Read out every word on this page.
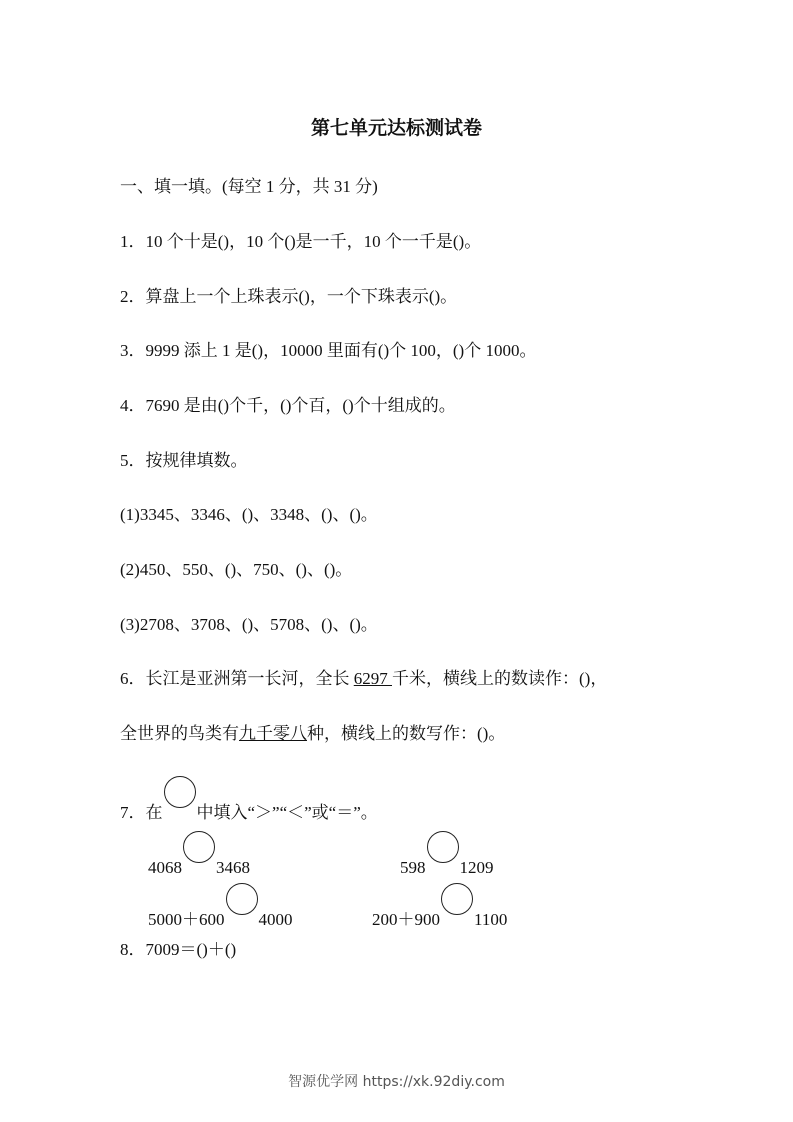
第七单元达标测试卷
一、填一填。(每空 1 分，共 31 分)
1．10 个十是()，10 个()是一千，10 个一千是()。
2．算盘上一个上珠表示()，一个下珠表示()。
3．9999 添上 1 是()，10000 里面有()个 100，()个 1000。
4．7690 是由()个千，()个百，()个十组成的。
5．按规律填数。
(1)3345、3346、()、3348、()、()。
(2)450、550、()、750、()、()。
(3)2708、3708、()、5708、()、()。
6．长江是亚洲第一长河，全长 6297 千米，横线上的数读作：()，
全世界的鸟类有九千零八种，横线上的数写作：()。
7．在 中填入“＞”“＜”或“＝”。
4068 3468	598 1209
5000＋600 4000	200＋900 1100
8．7009＝()＋()
智源优学网 https://xk.92diy.com
